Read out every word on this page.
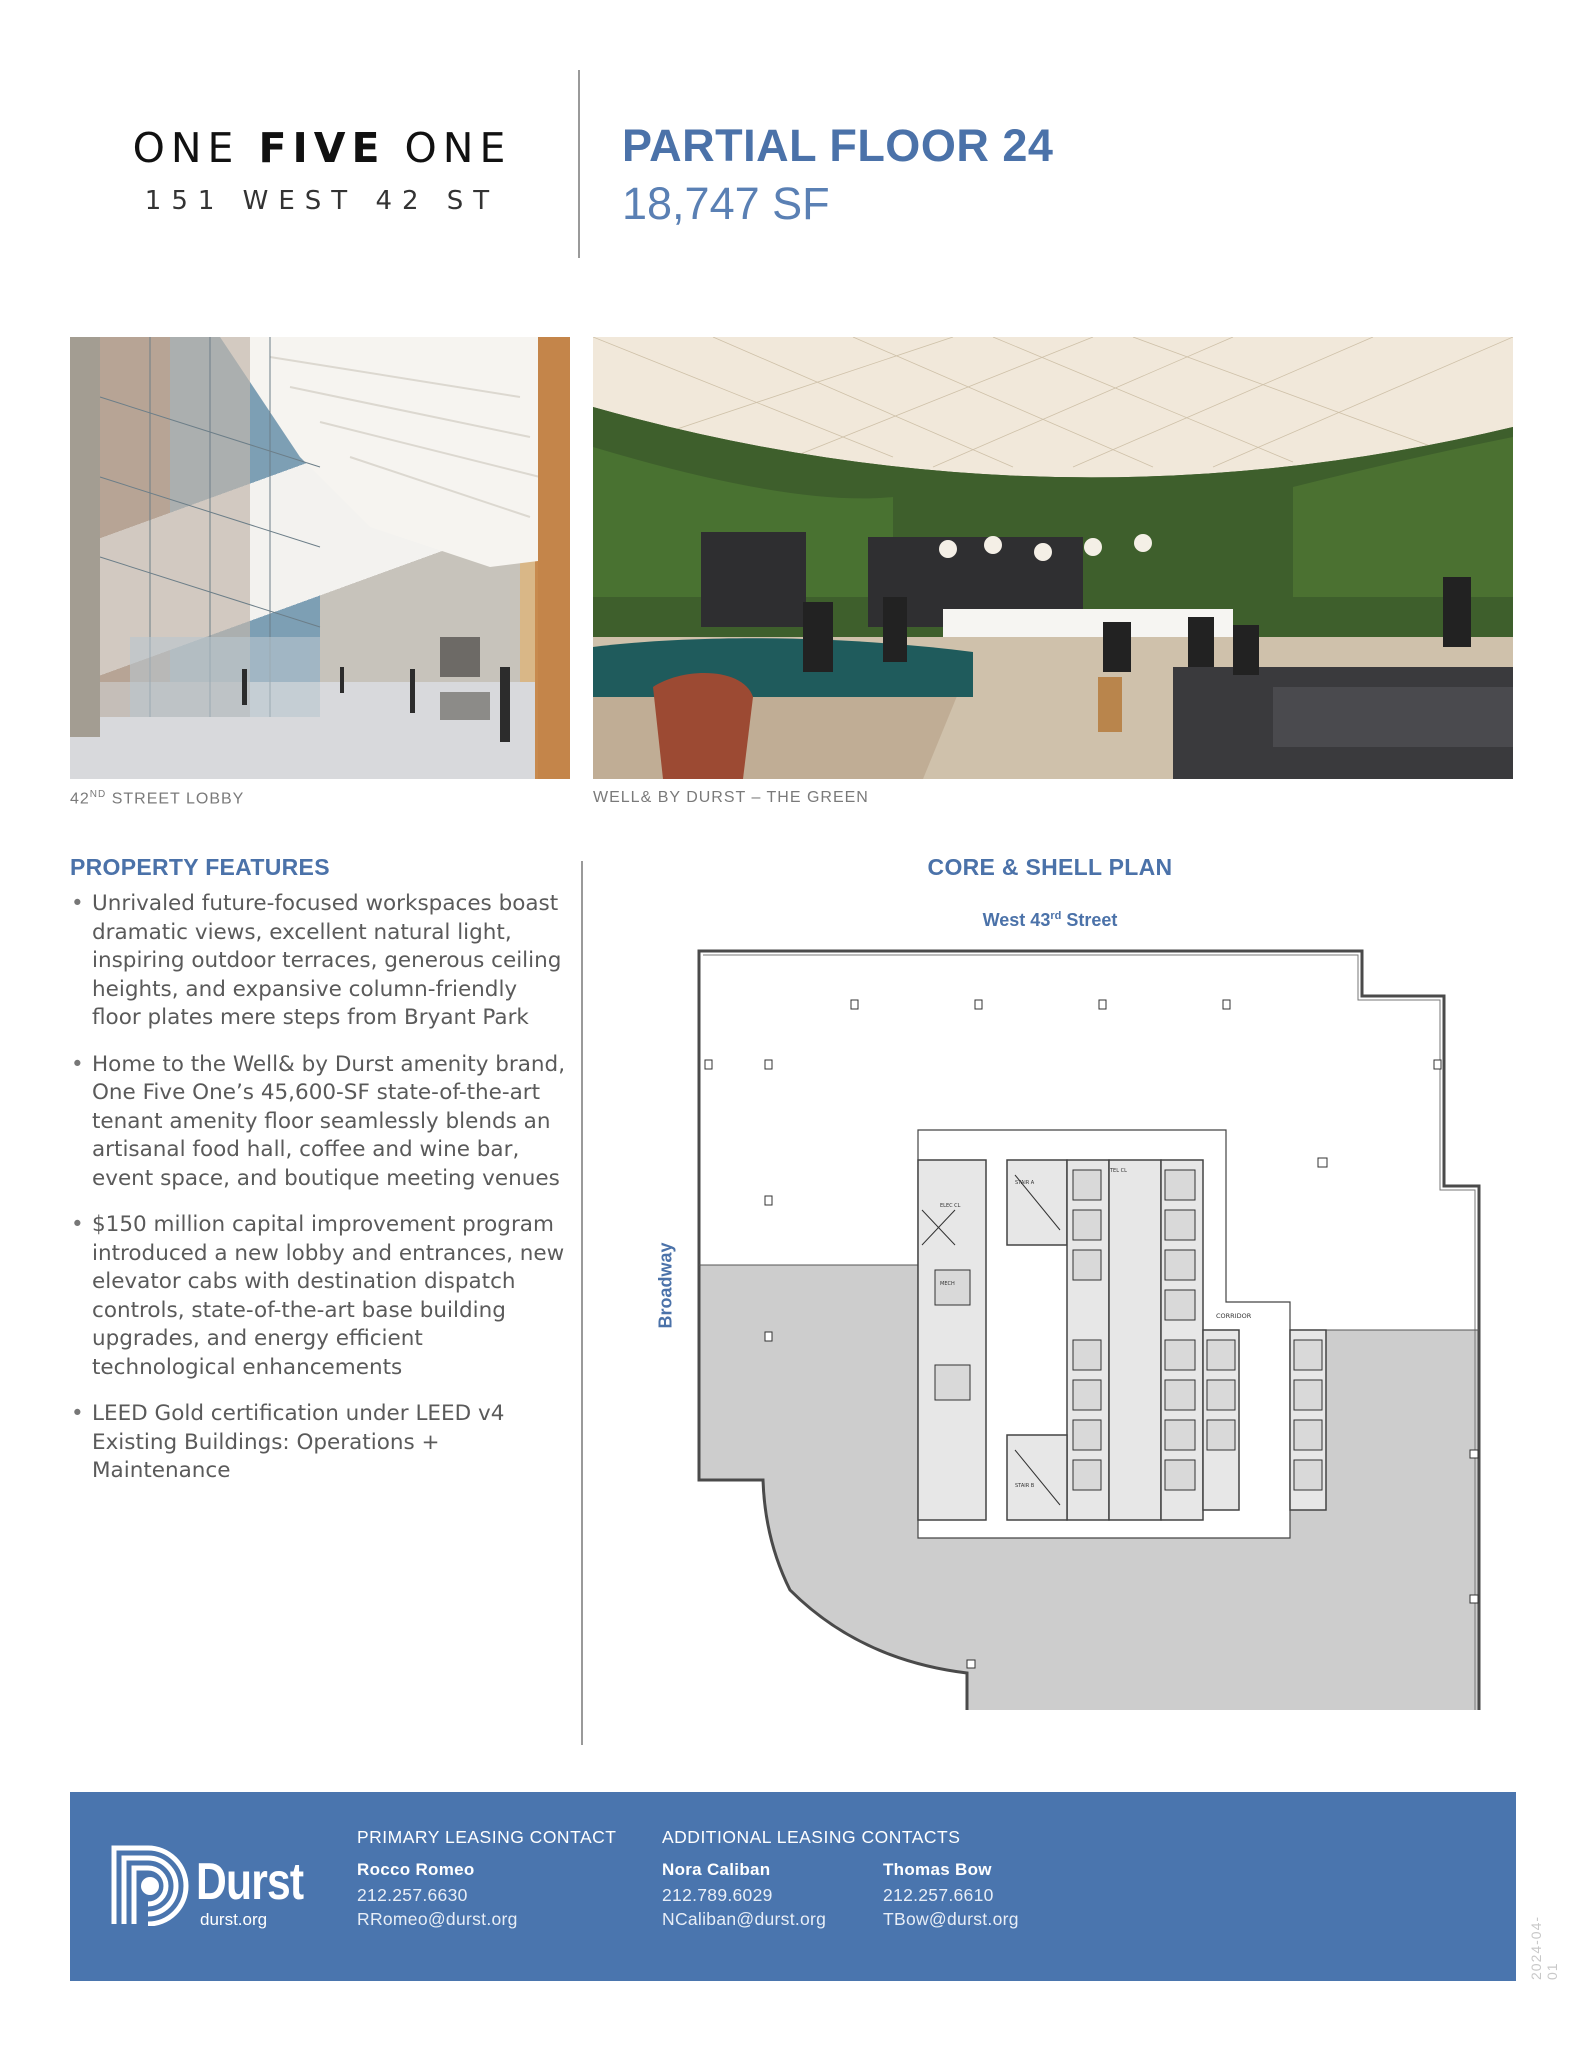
ONE FIVE ONE
151 WEST 42 ST
PARTIAL FLOOR 24
18,747 SF
42ND STREET LOBBY	WELL& BY DURST – THE GREEN
PROPERTY FEATURES
• Unrivaled future-focused workspaces boast dramatic views, excellent natural light, inspiring outdoor terraces, generous ceiling heights, and expansive column-friendly floor plates mere steps from Bryant Park
• Home to the Well& by Durst amenity brand, One Five One’s 45,600-SF state-of-the-art tenant amenity floor seamlessly blends an artisanal food hall, coffee and wine bar, event space, and boutique meeting venues
• $150 million capital improvement program introduced a new lobby and entrances, new elevator cabs with destination dispatch controls, state-of-the-art base building upgrades, and energy efficient technological enhancements
• LEED Gold certification under LEED v4 Existing Buildings: Operations + Maintenance
CORE & SHELL PLAN
West 43rd Street
Broadway	CORRIDOR
ELEC CL
STAIR A
STAIR B
TEL CL
MECH
Durst
durst.org
PRIMARY LEASING CONTACT	ADDITIONAL LEASING CONTACTS
Rocco Romeo
212.257.6630
RRomeo@durst.org
Nora Caliban
212.789.6029
NCaliban@durst.org
Thomas Bow
212.257.6610
TBow@durst.org	2024-04-01
